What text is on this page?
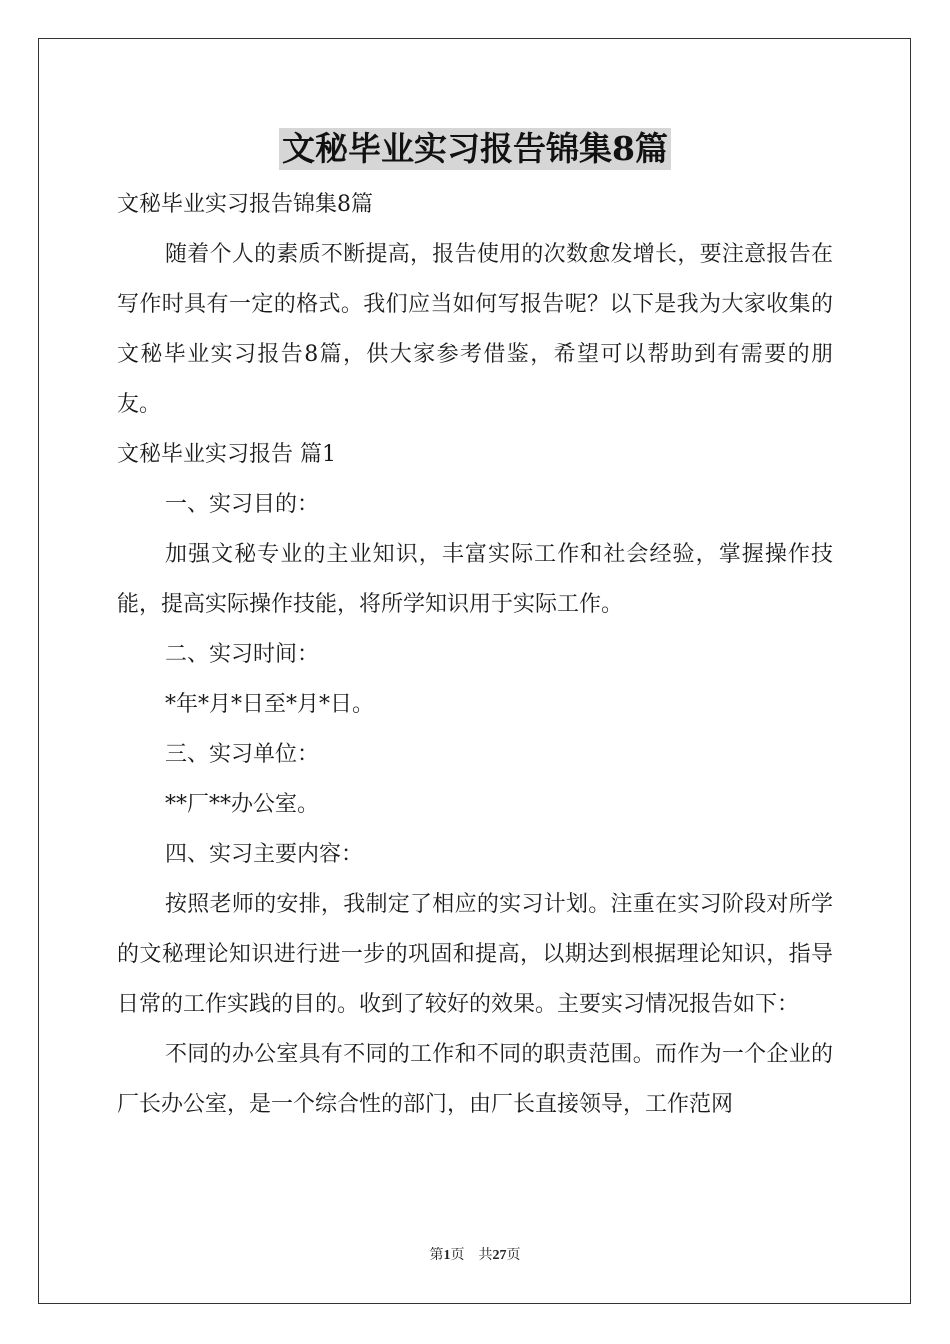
文秘毕业实习报告锦集8篇

文秘毕业实习报告锦集8篇

随着个人的素质不断提高，报告使用的次数愈发增长，要注意报告在写作时具有一定的格式。我们应当如何写报告呢？以下是我为大家收集的文秘毕业实习报告8篇，供大家参考借鉴，希望可以帮助到有需要的朋友。

文秘毕业实习报告 篇1

一、实习目的：

加强文秘专业的主业知识，丰富实际工作和社会经验，掌握操作技能，提高实际操作技能，将所学知识用于实际工作。

二、实习时间：

*年*月*日至*月*日。

三、实习单位：

**厂**办公室。

四、实习主要内容：

按照老师的安排，我制定了相应的实习计划。注重在实习阶段对所学的文秘理论知识进行进一步的巩固和提高，以期达到根据理论知识，指导日常的工作实践的目的。收到了较好的效果。主要实习情况报告如下：

不同的办公室具有不同的工作和不同的职责范围。而作为一个企业的厂长办公室，是一个综合性的部门，由厂长直接领导，工作范网

第1页 共27页
